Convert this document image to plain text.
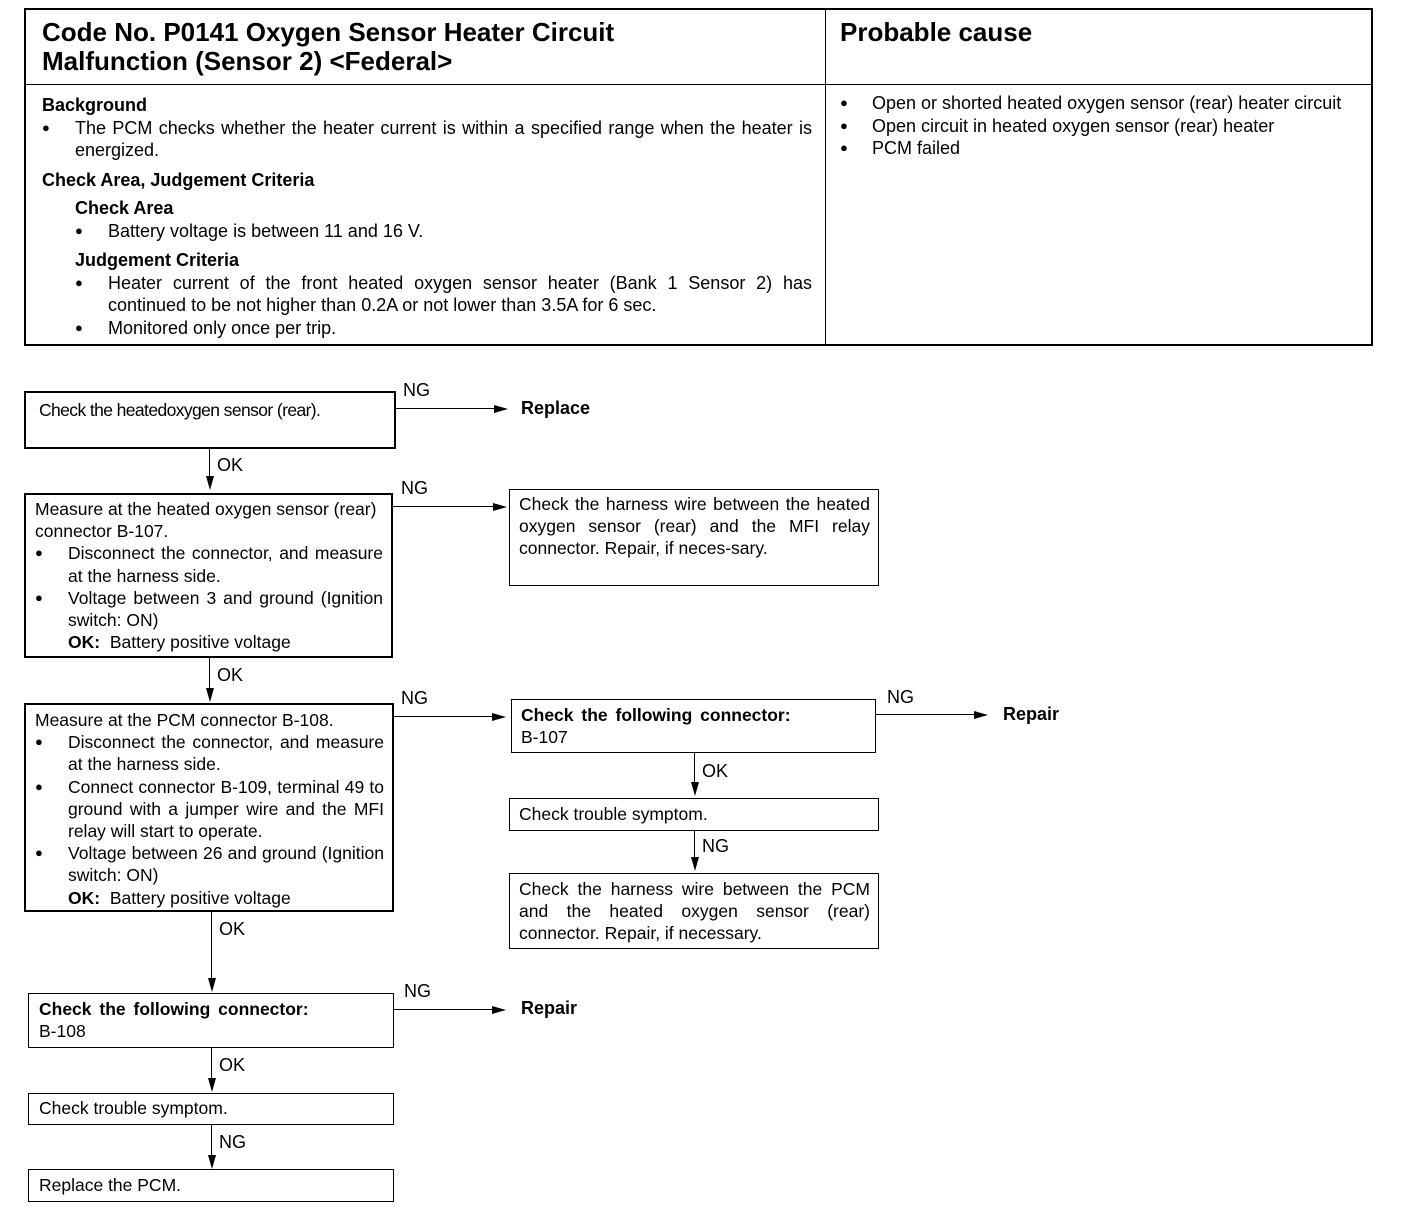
Code No. P0141 Oxygen Sensor Heater Circuit
Malfunction (Sensor 2) <Federal>
Probable cause
Background
● The PCM checks whether the heater current is within a specified range when the heater is energized.
Check Area, Judgement Criteria
Check Area
● Battery voltage is between 11 and 16 V.
Judgement Criteria
● Heater current of the front heated oxygen sensor heater (Bank 1 Sensor 2) has continued to be not higher than 0.2A or not lower than 3.5A for 6 sec.
● Monitored only once per trip.
● Open or shorted heated oxygen sensor (rear) heater circuit
● Open circuit in heated oxygen sensor (rear) heater
● PCM failed
Check the heatedoxygen sensor (rear).
NG
Replace
OK
Measure at the heated oxygen sensor (rear) connector B-107.
● Disconnect the connector, and measure at the harness side.
● Voltage between 3 and ground (Ignition switch: ON)
OK: Battery positive voltage
NG
Check the harness wire between the heated oxygen sensor (rear) and the MFI relay connector. Repair, if neces-sary.
OK
Measure at the PCM connector B-108.
● Disconnect the connector, and measure at the harness side.
● Connect connector B-109, terminal 49 to ground with a jumper wire and the MFI relay will start to operate.
● Voltage between 26 and ground (Ignition switch: ON)
OK: Battery positive voltage
NG
Check the following connector:
B-107
NG
Repair
OK
Check trouble symptom.
NG
Check the harness wire between the PCM and the heated oxygen sensor (rear) connector. Repair, if necessary.
OK
Check the following connector:
B-108
NG
Repair
OK
Check trouble symptom.
NG
Replace the PCM.
